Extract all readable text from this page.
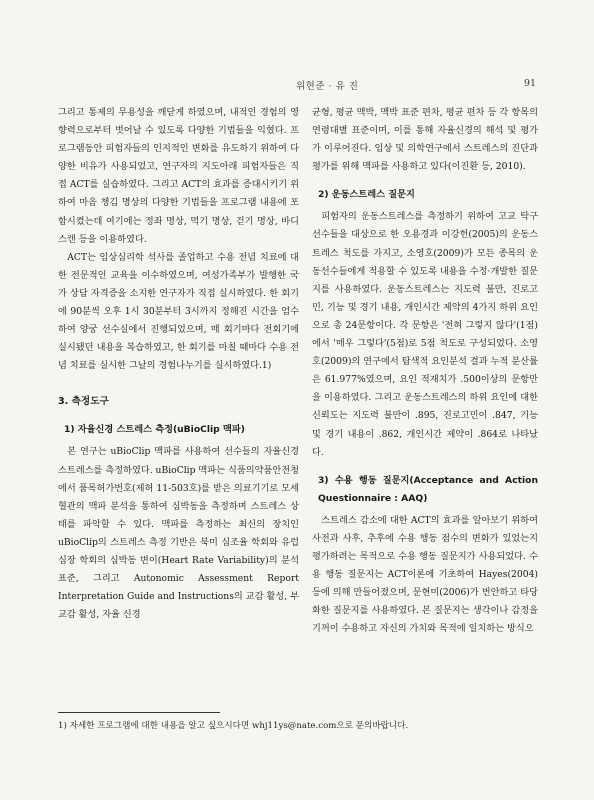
위현준 · 유 진	91

그리고 통제의 무용성을 깨닫게 하였으며, 내적인 경험의 영향력으로부터 벗어날 수 있도록 다양한 기법들을 익혔다. 프로그램동안 피험자들의 인지적인 변화를 유도하기 위하여 다양한 비유가 사용되었고, 연구자의 지도아래 피험자들은 직접 ACT를 실습하였다. 그리고 ACT의 효과를 증대시키기 위하여 마음 챙김 명상의 다양한 기법들을 프로그램 내용에 포함시켰는데 여기에는 정좌 명상, 먹기 명상, 걷기 명상, 바디스캔 등을 이용하였다.

ACT는 임상심리학 석사를 졸업하고 수용 전념 치료에 대한 전문적인 교육을 이수하였으며, 여성가족부가 발행한 국가 상담 자격증을 소지한 연구자가 직접 실시하였다. 한 회기에 90분씩 오후 1시 30분부터 3시까지 정해진 시간을 엄수하여 양궁 선수실에서 진행되었으며, 매 회기마다 전회기에 실시됐던 내용을 복습하였고, 한 회기를 마칠 때마다 수용 전념 치료를 실시한 그날의 경험나누기를 실시하였다.1)

3. 측정도구
1) 자율신경 스트레스 측정(uBioClip 맥파)

본 연구는 uBioClip 맥파를 사용하여 선수들의 자율신경 스트레스를 측정하였다. uBioClip 맥파는 식품의약품안전청에서 품목허가번호(제허 11-503호)를 받은 의료기기로 모세혈관의 맥파 분석을 통하여 심박동을 측정하며 스트레스 상태를 파악할 수 있다. 맥파를 측정하는 최신의 장치인 uBioClip의 스트레스 측정 기반은 북미 심조율 학회와 유럽 심장 학회의 심박동 변이(Heart Rate Variability)의 분석표준, 그리고 Autonomic Assessment Report Interpretation Guide and Instructions의 교감 활성, 부교감 활성, 자율 신경

균형, 평균 맥박, 맥박 표준 편차, 평균 편차 등 각 항목의 연령대별 표준이며, 이를 통해 자율신경의 해석 및 평가가 이루어진다. 임상 및 의학연구에서 스트레스의 진단과 평가를 위해 맥파를 사용하고 있다(이진환 등, 2010).

2) 운동스트레스 질문지

피험자의 운동스트레스를 측정하기 위하여 고교 탁구 선수들을 대상으로 한 오용경과 이강헌(2005)의 운동스트레스 척도를 가지고, 소영호(2009)가 모든 종목의 운동선수들에게 적용할 수 있도록 내용을 수정·개발한 질문지를 사용하였다. 운동스트레스는 지도력 불만, 진로고민, 기능 및 경기 내용, 개인시간 제약의 4가지 하위 요인으로 총 24문항이다. 각 문항은 '전혀 그렇지 않다'(1점)에서 '매우 그렇다'(5점)로 5점 척도로 구성되었다. 소영호(2009)의 연구에서 탐색적 요인분석 결과 누적 분산률은 61.977%였으며, 요인 적재치가 .500이상의 문항만을 이용하였다. 그리고 운동스트레스의 하위 요인에 대한 신뢰도는 지도력 불만이 .895, 진로고민이 .847, 기능 및 경기 내용이 .862, 개인시간 제약이 .864로 나타났다.

3) 수용 행동 질문지(Acceptance and Action Questionnaire : AAQ)

스트레스 감소에 대한 ACT의 효과를 알아보기 위하여 사전과 사후, 추후에 수용 행동 점수의 변화가 있었는지 평가하려는 목적으로 수용 행동 질문지가 사용되었다. 수용 행동 질문지는 ACT이론에 기초하여 Hayes(2004) 등에 의해 만들어졌으며, 문현미(2006)가 번안하고 타당화한 질문지를 사용하였다. 본 질문지는 생각이나 감정을 기꺼이 수용하고 자신의 가치와 목적에 일치하는 방식으

1) 자세한 프로그램에 대한 내용을 알고 싶으시다면 whj11ys@nate.com으로 문의바랍니다.
